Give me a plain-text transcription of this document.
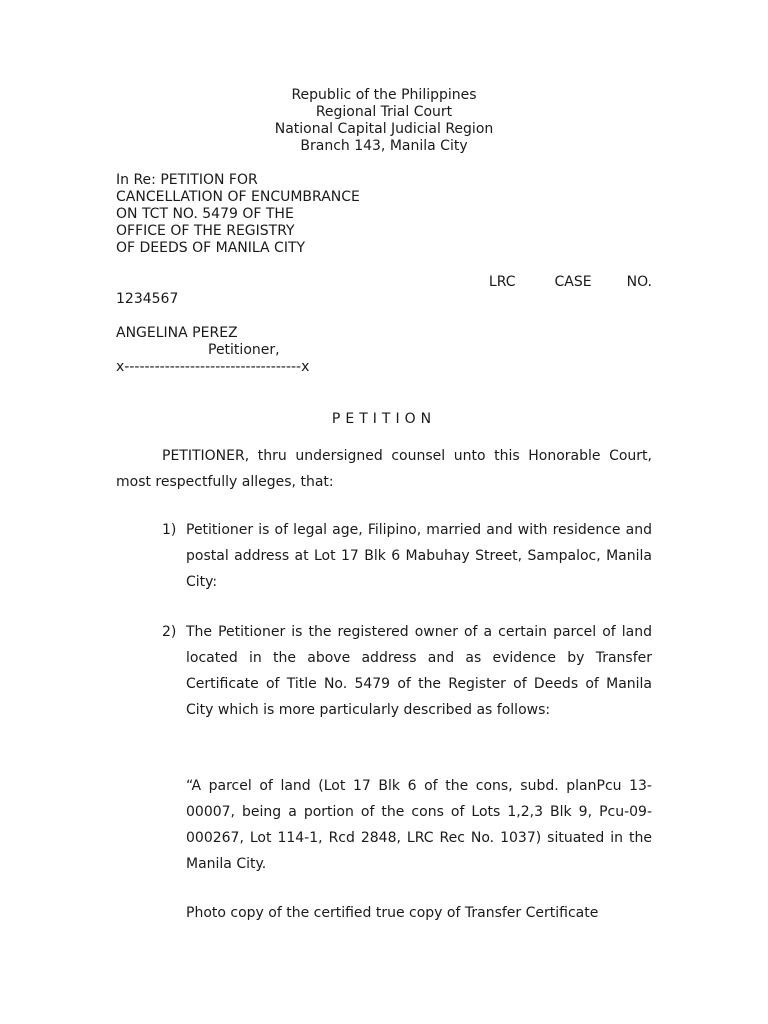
Republic of the Philippines
Regional Trial Court
National Capital Judicial Region
Branch 143, Manila City
In Re: PETITION FOR
CANCELLATION OF ENCUMBRANCE
ON TCT NO. 5479 OF THE
OFFICE OF THE REGISTRY
OF DEEDS OF MANILA CITY
LRC	CASE	NO.
1234567
ANGELINA PEREZ
Petitioner,
x-----------------------------------x
PETITION
PETITIONER, thru undersigned counsel unto this Honorable Court, most respectfully alleges, that:
1) Petitioner is of legal age, Filipino, married and with residence and postal address at Lot 17 Blk 6 Mabuhay Street, Sampaloc, Manila City:
2) The Petitioner is the registered owner of a certain parcel of land located in the above address and as evidence by Transfer Certificate of Title No. 5479 of the Register of Deeds of Manila City which is more particularly described as follows:
“A parcel of land (Lot 17 Blk 6 of the cons, subd. planPcu 13-00007, being a portion of the cons of Lots 1,2,3 Blk 9, Pcu-09-000267, Lot 114-1, Rcd 2848, LRC Rec No. 1037) situated in the Manila City.
Photo copy of the certified true copy of Transfer Certificate
